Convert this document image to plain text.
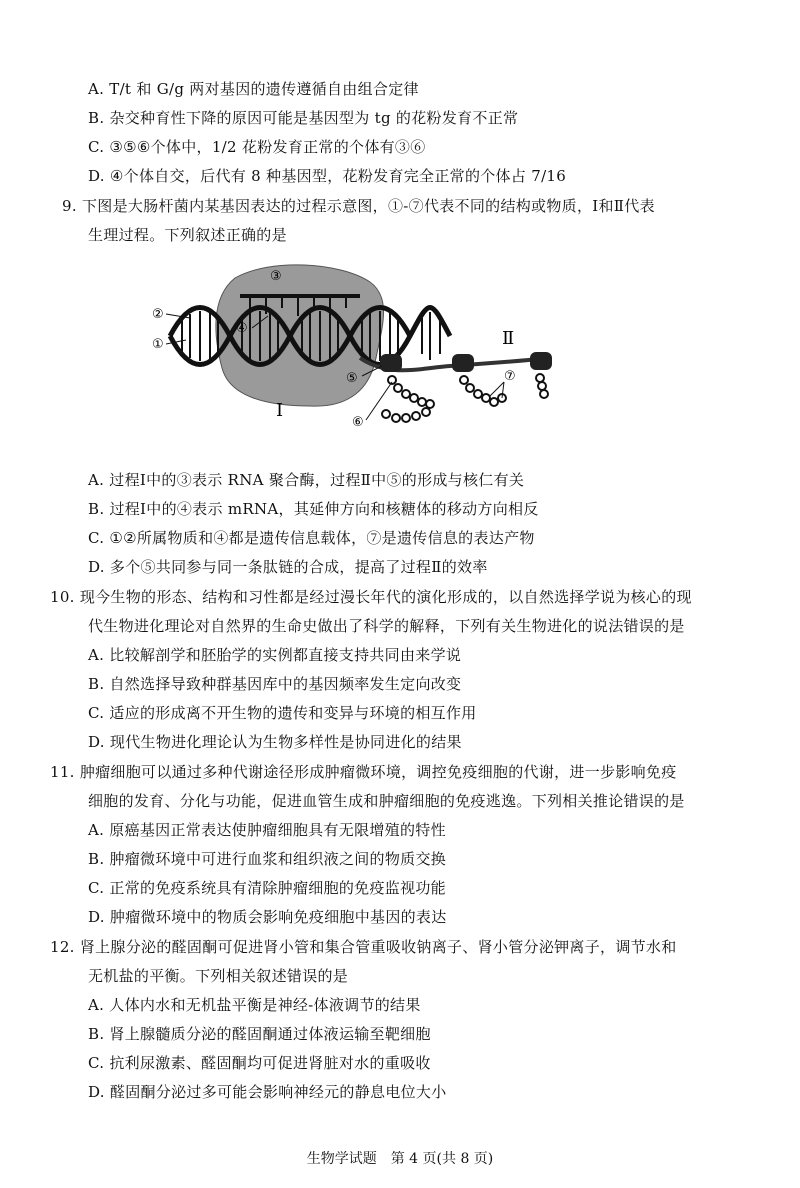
A. T/t 和 G/g 两对基因的遗传遵循自由组合定律
B. 杂交种育性下降的原因可能是基因型为 tg 的花粉发育不正常
C. ③⑤⑥个体中，1/2 花粉发育正常的个体有③⑥
D. ④个体自交，后代有 8 种基因型，花粉发育完全正常的个体占 7/16
9. 下图是大肠杆菌内某基因表达的过程示意图，①-⑦代表不同的结构或物质，Ⅰ和Ⅱ代表
生理过程。下列叙述正确的是
②
①
③
④
⑤
⑥
⑦
Ⅰ
Ⅱ
A. 过程Ⅰ中的③表示 RNA 聚合酶，过程Ⅱ中⑤的形成与核仁有关
B. 过程Ⅰ中的④表示 mRNA，其延伸方向和核糖体的移动方向相反
C. ①②所属物质和④都是遗传信息载体，⑦是遗传信息的表达产物
D. 多个⑤共同参与同一条肽链的合成，提高了过程Ⅱ的效率
10. 现今生物的形态、结构和习性都是经过漫长年代的演化形成的，以自然选择学说为核心的现
代生物进化理论对自然界的生命史做出了科学的解释，下列有关生物进化的说法错误的是
A. 比较解剖学和胚胎学的实例都直接支持共同由来学说
B. 自然选择导致种群基因库中的基因频率发生定向改变
C. 适应的形成离不开生物的遗传和变异与环境的相互作用
D. 现代生物进化理论认为生物多样性是协同进化的结果
11. 肿瘤细胞可以通过多种代谢途径形成肿瘤微环境，调控免疫细胞的代谢，进一步影响免疫
细胞的发育、分化与功能，促进血管生成和肿瘤细胞的免疫逃逸。下列相关推论错误的是
A. 原癌基因正常表达使肿瘤细胞具有无限增殖的特性
B. 肿瘤微环境中可进行血浆和组织液之间的物质交换
C. 正常的免疫系统具有清除肿瘤细胞的免疫监视功能
D. 肿瘤微环境中的物质会影响免疫细胞中基因的表达
12. 肾上腺分泌的醛固酮可促进肾小管和集合管重吸收钠离子、肾小管分泌钾离子，调节水和
无机盐的平衡。下列相关叙述错误的是
A. 人体内水和无机盐平衡是神经-体液调节的结果
B. 肾上腺髓质分泌的醛固酮通过体液运输至靶细胞
C. 抗利尿激素、醛固酮均可促进肾脏对水的重吸收
D. 醛固酮分泌过多可能会影响神经元的静息电位大小
生物学试题　第 4 页(共 8 页)
